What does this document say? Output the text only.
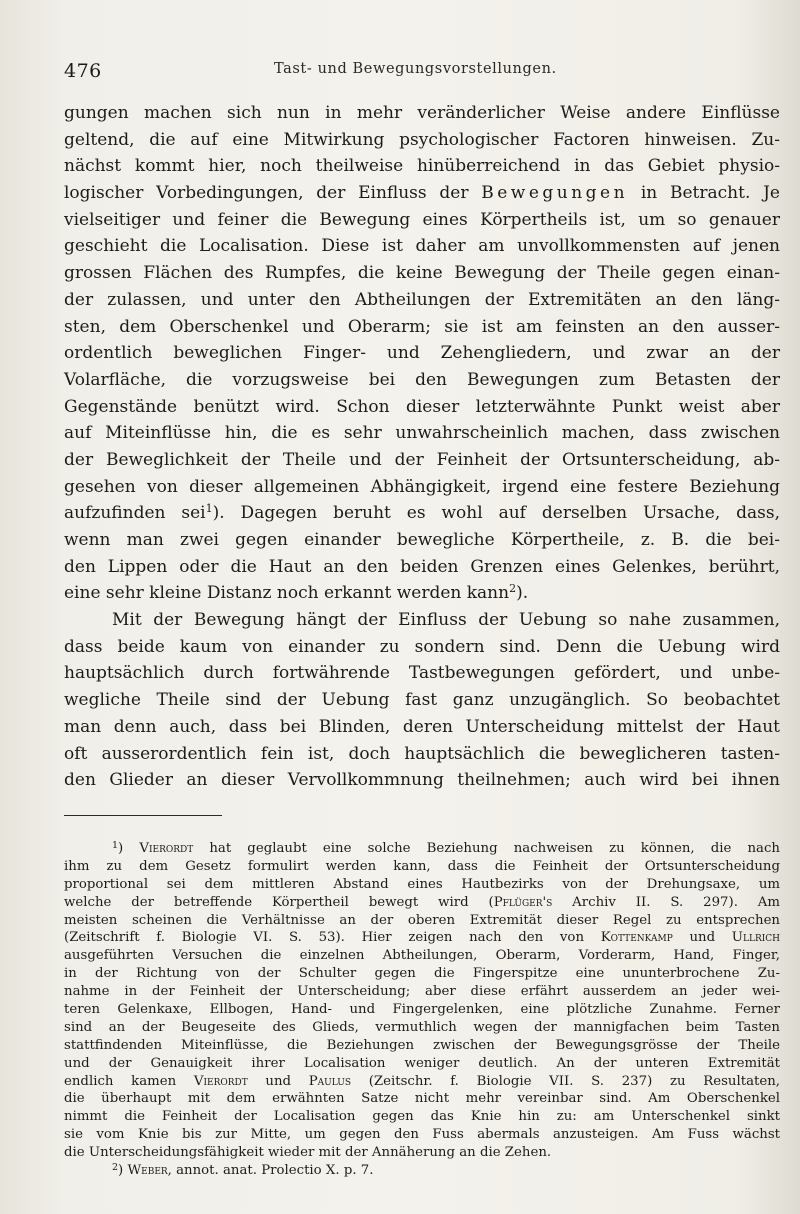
476	Tast- und Bewegungsvorstellungen.
gungen machen sich nun in mehr veränderlicher Weise andere Einflüsse
geltend, die auf eine Mitwirkung psychologischer Factoren hinweisen. Zu-
nächst kommt hier, noch theilweise hinüberreichend in das Gebiet physio-
logischer Vorbedingungen, der Einfluss der Bewegungen in Betracht. Je
vielseitiger und feiner die Bewegung eines Körpertheils ist, um so genauer
geschieht die Localisation. Diese ist daher am unvollkommensten auf jenen
grossen Flächen des Rumpfes, die keine Bewegung der Theile gegen einan-
der zulassen, und unter den Abtheilungen der Extremitäten an den läng-
sten, dem Oberschenkel und Oberarm; sie ist am feinsten an den ausser-
ordentlich beweglichen Finger- und Zehengliedern, und zwar an der
Volarfläche, die vorzugsweise bei den Bewegungen zum Betasten der
Gegenstände benützt wird. Schon dieser letzterwähnte Punkt weist aber
auf Miteinflüsse hin, die es sehr unwahrscheinlich machen, dass zwischen
der Beweglichkeit der Theile und der Feinheit der Ortsunterscheidung, ab-
gesehen von dieser allgemeinen Abhängigkeit, irgend eine festere Beziehung
aufzufinden sei$^1$). Dagegen beruht es wohl auf derselben Ursache, dass,
wenn man zwei gegen einander bewegliche Körpertheile, z. B. die bei-
den Lippen oder die Haut an den beiden Grenzen eines Gelenkes, berührt,
eine sehr kleine Distanz noch erkannt werden kann$^2$).
Mit der Bewegung hängt der Einfluss der Uebung so nahe zusammen,
dass beide kaum von einander zu sondern sind. Denn die Uebung wird
hauptsächlich durch fortwährende Tastbewegungen gefördert, und unbe-
wegliche Theile sind der Uebung fast ganz unzugänglich. So beobachtet
man denn auch, dass bei Blinden, deren Unterscheidung mittelst der Haut
oft ausserordentlich fein ist, doch hauptsächlich die beweglicheren tasten-
den Glieder an dieser Vervollkommnung theilnehmen; auch wird bei ihnen
$^1$) Vierordt hat geglaubt eine solche Beziehung nachweisen zu können, die nach
ihm zu dem Gesetz formulirt werden kann, dass die Feinheit der Ortsunterscheidung
proportional sei dem mittleren Abstand eines Hautbezirks von der Drehungsaxe, um
welche der betreffende Körpertheil bewegt wird (Pflüger's Archiv II. S. 297). Am
meisten scheinen die Verhältnisse an der oberen Extremität dieser Regel zu entsprechen
(Zeitschrift f. Biologie VI. S. 53). Hier zeigen nach den von Kottenkamp und Ullrich
ausgeführten Versuchen die einzelnen Abtheilungen, Oberarm, Vorderarm, Hand, Finger,
in der Richtung von der Schulter gegen die Fingerspitze eine ununterbrochene Zu-
nahme in der Feinheit der Unterscheidung; aber diese erfährt ausserdem an jeder wei-
teren Gelenkaxe, Ellbogen, Hand- und Fingergelenken, eine plötzliche Zunahme. Ferner
sind an der Beugeseite des Glieds, vermuthlich wegen der mannigfachen beim Tasten
stattfindenden Miteinflüsse, die Beziehungen zwischen der Bewegungsgrösse der Theile
und der Genauigkeit ihrer Localisation weniger deutlich. An der unteren Extremität
endlich kamen Vierordt und Paulus (Zeitschr. f. Biologie VII. S. 237) zu Resultaten,
die überhaupt mit dem erwähnten Satze nicht mehr vereinbar sind. Am Oberschenkel
nimmt die Feinheit der Localisation gegen das Knie hin zu: am Unterschenkel sinkt
sie vom Knie bis zur Mitte, um gegen den Fuss abermals anzusteigen. Am Fuss wächst
die Unterscheidungsfähigkeit wieder mit der Annäherung an die Zehen.
$^2$) Weber, annot. anat. Prolectio X. p. 7.
